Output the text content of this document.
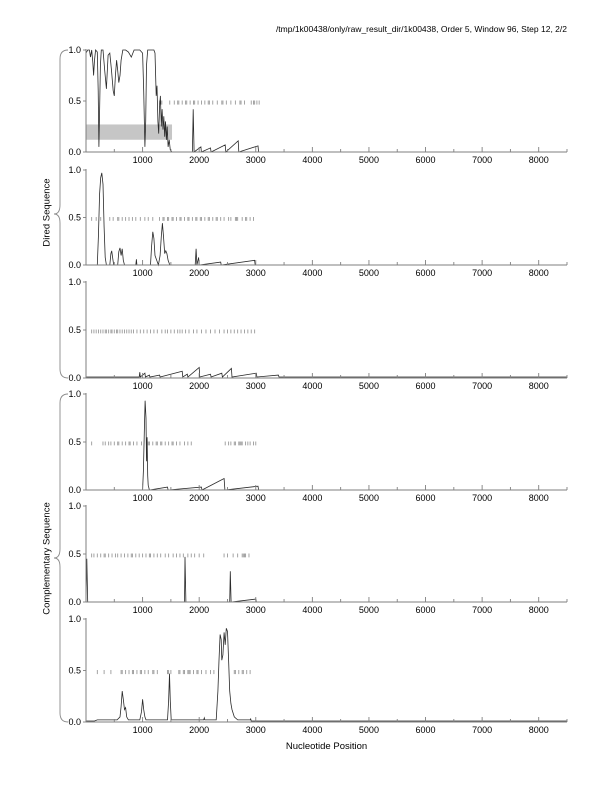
/tmp/1k00438/only/raw_result_dir/1k00438, Order 5, Window 96, Step 12, 2/2
1000	2000	3000	4000	5000	6000	7000	8000
0.0
0.5
1.0
1000	2000	3000	4000	5000	6000	7000	8000
0.0
0.5
1.0
1000	2000	3000	4000	5000	6000	7000	8000
0.0
0.5
1.0
1000	2000	3000	4000	5000	6000	7000	8000
0.0
0.5
1.0
1000	2000	3000	4000	5000	6000	7000	8000
0.0
0.5
1.0
1000	2000	3000	4000	5000	6000	7000	8000
0.0
0.5
1.0
Dired Sequence
Complementary Sequence
Nucleotide Position
